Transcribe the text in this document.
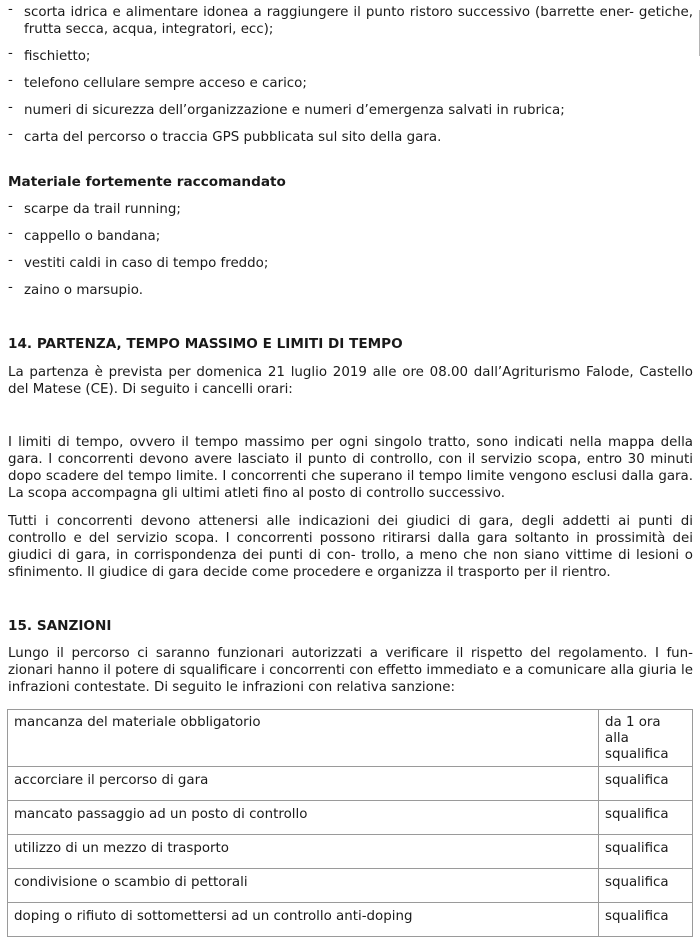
- scorta idrica e alimentare idonea a raggiungere il punto ristoro successivo (barrette ener- getiche, frutta secca, acqua, integratori, ecc);
- fischietto;
- telefono cellulare sempre acceso e carico;
- numeri di sicurezza dell’organizzazione e numeri d’emergenza salvati in rubrica;
- carta del percorso o traccia GPS pubblicata sul sito della gara.
Materiale fortemente raccomandato
- scarpe da trail running;
- cappello o bandana;
- vestiti caldi in caso di tempo freddo;
- zaino o marsupio.
14. PARTENZA, TEMPO MASSIMO E LIMITI DI TEMPO

La partenza è prevista per domenica 21 luglio 2019 alle ore 08.00 dall’Agriturismo Falode, Castello del Matese (CE). Di seguito i cancelli orari:

I limiti di tempo, ovvero il tempo massimo per ogni singolo tratto, sono indicati nella mappa della gara. I concorrenti devono avere lasciato il punto di controllo, con il servizio scopa, entro 30 minuti dopo scadere del tempo limite. I concorrenti che superano il tempo limite vengono esclusi dalla gara. La scopa accompagna gli ultimi atleti fino al posto di controllo successivo.

Tutti i concorrenti devono attenersi alle indicazioni dei giudici di gara, degli addetti ai punti di controllo e del servizio scopa. I concorrenti possono ritirarsi dalla gara soltanto in prossimità dei giudici di gara, in corrispondenza dei punti di con- trollo, a meno che non siano vittime di lesioni o sfinimento. Il giudice di gara decide come procedere e organizza il trasporto per il rientro.

15. SANZIONI

Lungo il percorso ci saranno funzionari autorizzati a verificare il rispetto del regolamento. I fun- zionari hanno il potere di squalificare i concorrenti con effetto immediato e a comunicare alla giuria le infrazioni contestate. Di seguito le infrazioni con relativa sanzione:

mancanza del materiale obbligatorio	da 1 ora alla squalifica
accorciare il percorso di gara	squalifica
mancato passaggio ad un posto di controllo	squalifica
utilizzo di un mezzo di trasporto	squalifica
condivisione o scambio di pettorali	squalifica
doping o rifiuto di sottomettersi ad un controllo anti-doping	squalifica
